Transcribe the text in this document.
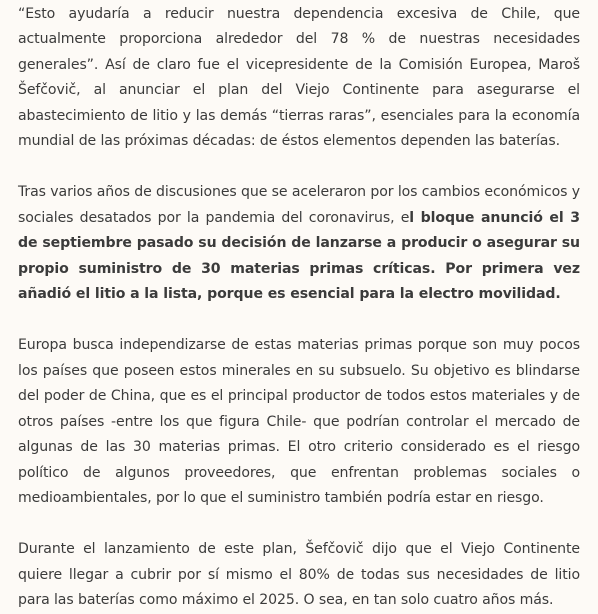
“Esto ayudaría a reducir nuestra dependencia excesiva de Chile, que actualmente proporciona alrededor del 78 % de nuestras necesidades generales”. Así de claro fue el vicepresidente de la Comisión Europea, Maroš Šefčovič, al anunciar el plan del Viejo Continente para asegurarse el abastecimiento de litio y las demás “tierras raras”, esenciales para la economía mundial de las próximas décadas: de éstos elementos dependen las baterías.

Tras varios años de discusiones que se aceleraron por los cambios económicos y sociales desatados por la pandemia del coronavirus, el bloque anunció el 3 de septiembre pasado su decisión de lanzarse a producir o asegurar su propio suministro de 30 materias primas críticas. Por primera vez añadió el litio a la lista, porque es esencial para la electro movilidad.

Europa busca independizarse de estas materias primas porque son muy pocos los países que poseen estos minerales en su subsuelo. Su objetivo es blindarse del poder de China, que es el principal productor de todos estos materiales y de otros países -entre los que figura Chile- que podrían controlar el mercado de algunas de las 30 materias primas. El otro criterio considerado es el riesgo político de algunos proveedores, que enfrentan problemas sociales o medioambientales, por lo que el suministro también podría estar en riesgo.

Durante el lanzamiento de este plan, Šefčovič dijo que el Viejo Continente quiere llegar a cubrir por sí mismo el 80% de todas sus necesidades de litio para las baterías como máximo el 2025. O sea, en tan solo cuatro años más.
